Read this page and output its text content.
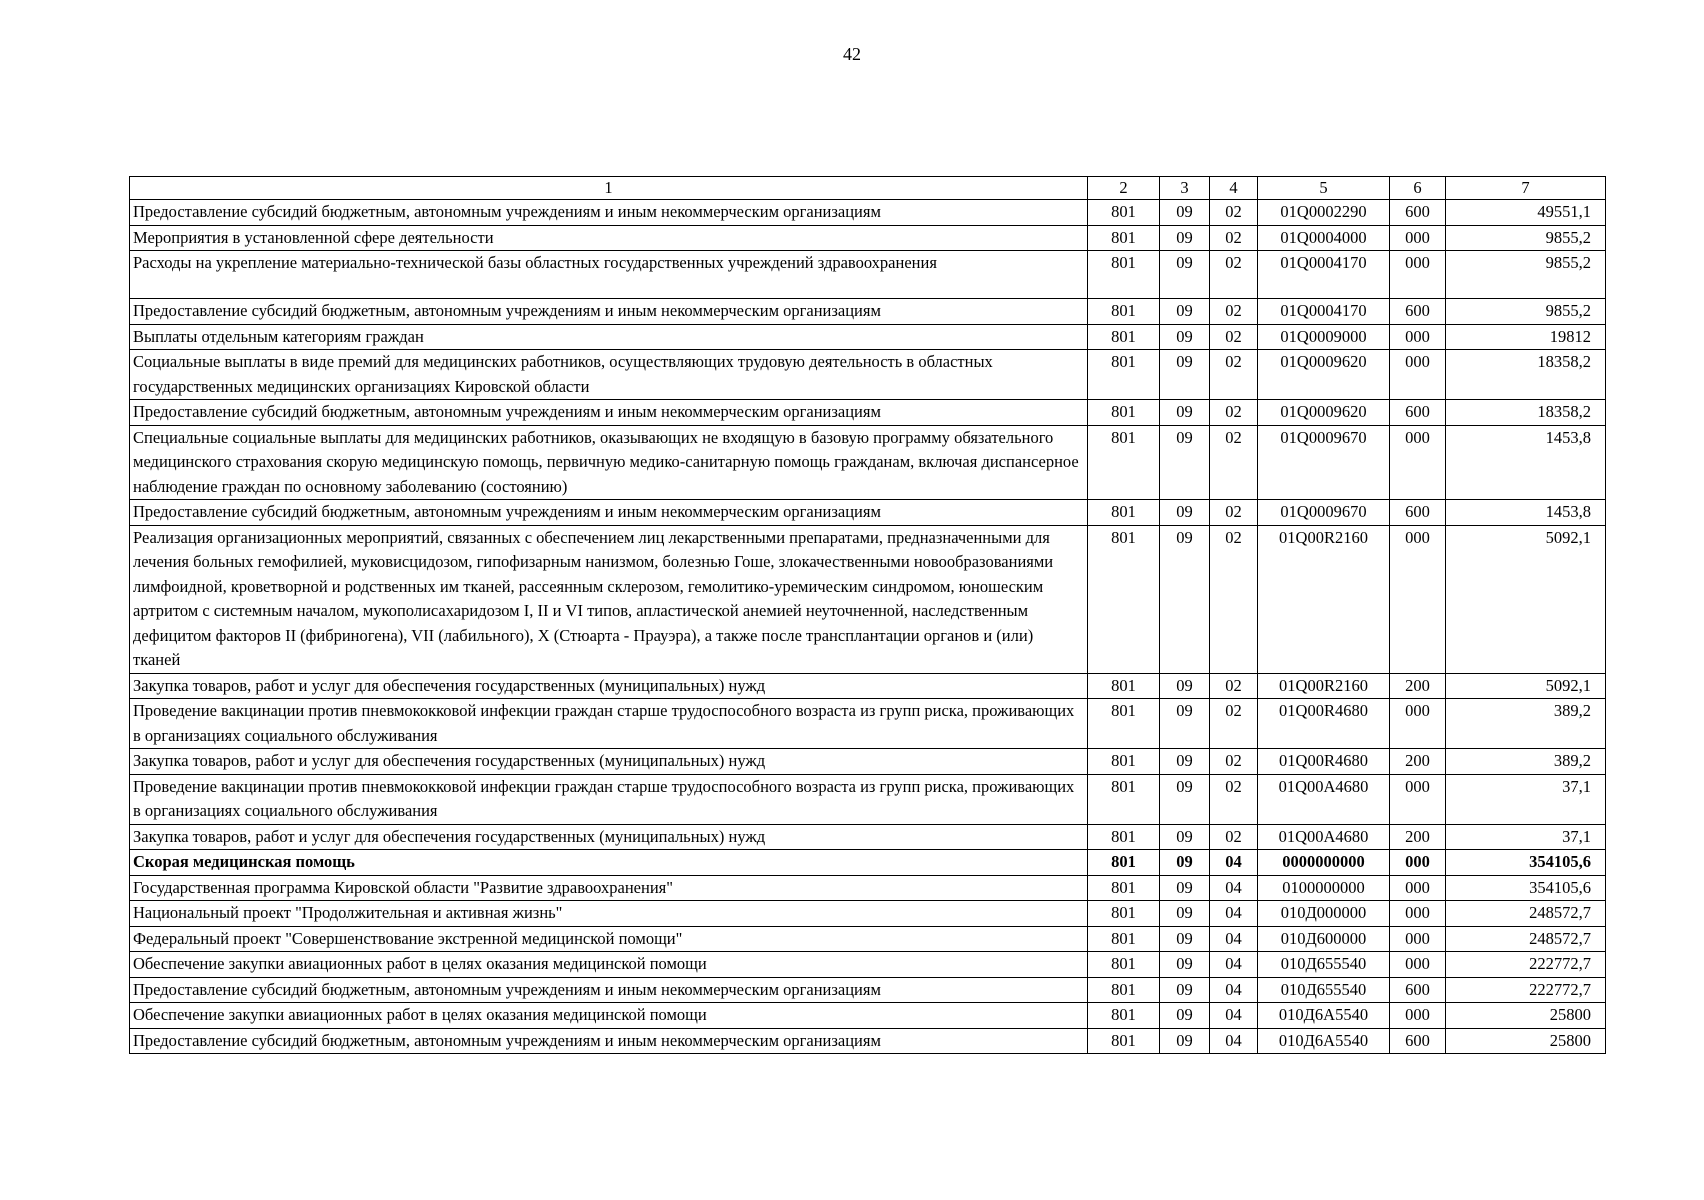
42
1	2	3	4	5	6	7
Предоставление субсидий бюджетным, автономным учреждениям и иным некоммерческим организациям	801	09	02	01Q0002290	600	49551,1
Мероприятия в установленной сфере деятельности	801	09	02	01Q0004000	000	9855,2
Расходы на укрепление материально-технической базы областных государственных учреждений здравоохранения	801	09	02	01Q0004170	000	9855,2
Предоставление субсидий бюджетным, автономным учреждениям и иным некоммерческим организациям	801	09	02	01Q0004170	600	9855,2
Выплаты отдельным категориям граждан	801	09	02	01Q0009000	000	19812
Социальные выплаты в виде премий для медицинских работников, осуществляющих трудовую деятельность в областных государственных медицинских организациях Кировской области	801	09	02	01Q0009620	000	18358,2
Предоставление субсидий бюджетным, автономным учреждениям и иным некоммерческим организациям	801	09	02	01Q0009620	600	18358,2
Специальные социальные выплаты для медицинских работников, оказывающих не входящую в базовую программу обязательного медицинского страхования скорую медицинскую помощь, первичную медико-санитарную помощь гражданам, включая диспансерное наблюдение граждан по основному заболеванию (состоянию)	801	09	02	01Q0009670	000	1453,8
Предоставление субсидий бюджетным, автономным учреждениям и иным некоммерческим организациям	801	09	02	01Q0009670	600	1453,8
Реализация организационных мероприятий, связанных с обеспечением лиц лекарственными препаратами, предназначенными для лечения больных гемофилией, муковисцидозом, гипофизарным нанизмом, болезнью Гоше, злокачественными новообразованиями лимфоидной, кроветворной и родственных им тканей, рассеянным склерозом, гемолитико-уремическим синдромом, юношеским артритом с системным началом, мукополисахаридозом I, II и VI типов, апластической анемией неуточненной, наследственным дефицитом факторов II (фибриногена), VII (лабильного), X (Стюарта - Прауэра), а также после трансплантации органов и (или) тканей	801	09	02	01Q00R2160	000	5092,1
Закупка товаров, работ и услуг для обеспечения государственных (муниципальных) нужд	801	09	02	01Q00R2160	200	5092,1
Проведение вакцинации против пневмококковой инфекции граждан старше трудоспособного возраста из групп риска, проживающих в организациях социального обслуживания	801	09	02	01Q00R4680	000	389,2
Закупка товаров, работ и услуг для обеспечения государственных (муниципальных) нужд	801	09	02	01Q00R4680	200	389,2
Проведение вакцинации против пневмококковой инфекции граждан старше трудоспособного возраста из групп риска, проживающих в организациях социального обслуживания	801	09	02	01Q00A4680	000	37,1
Закупка товаров, работ и услуг для обеспечения государственных (муниципальных) нужд	801	09	02	01Q00A4680	200	37,1
Скорая медицинская помощь	801	09	04	0000000000	000	354105,6
Государственная программа Кировской области "Развитие здравоохранения"	801	09	04	0100000000	000	354105,6
Национальный проект "Продолжительная и активная жизнь"	801	09	04	010Д000000	000	248572,7
Федеральный проект "Совершенствование экстренной медицинской помощи"	801	09	04	010Д600000	000	248572,7
Обеспечение закупки авиационных работ в целях оказания медицинской помощи	801	09	04	010Д655540	000	222772,7
Предоставление субсидий бюджетным, автономным учреждениям и иным некоммерческим организациям	801	09	04	010Д655540	600	222772,7
Обеспечение закупки авиационных работ в целях оказания медицинской помощи	801	09	04	010Д6А5540	000	25800
Предоставление субсидий бюджетным, автономным учреждениям и иным некоммерческим организациям	801	09	04	010Д6А5540	600	25800
